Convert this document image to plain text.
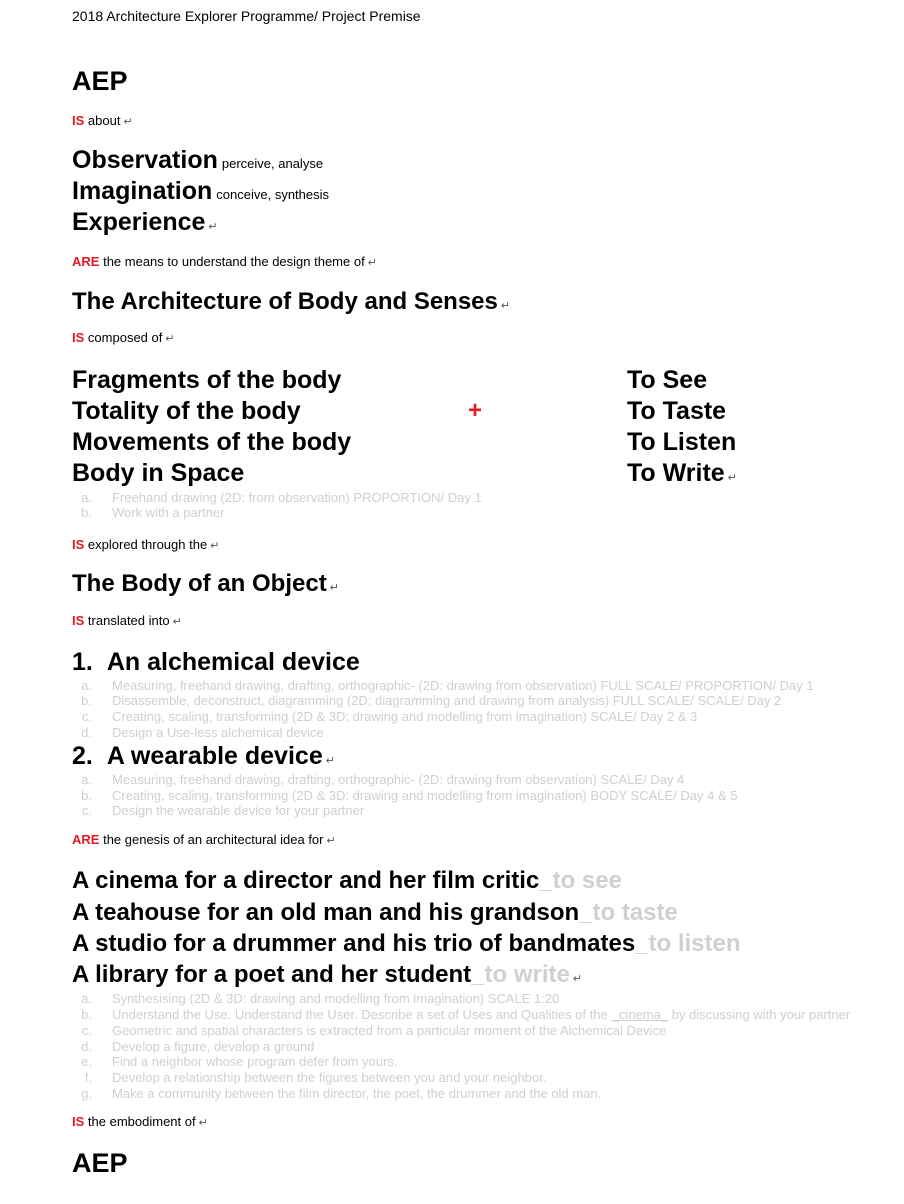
2018 Architecture Explorer Programme/ Project Premise
AEP
IS about ↵
Observation perceive, analyse
Imagination conceive, synthesis
Experience ↵
ARE the means to understand the design theme of ↵
The Architecture of Body and Senses ↵
IS composed of ↵
Fragments of the body
Totality of the body
Movements of the body
Body in Space
+
To See
To Taste
To Listen
To Write ↵
a. Freehand drawing (2D: from observation) PROPORTION/ Day 1
b. Work with a partner
IS explored through the ↵
The Body of an Object ↵
IS translated into ↵
1. An alchemical device
a. Measuring, freehand drawing, drafting, orthographic- (2D: drawing from observation) FULL SCALE/ PROPORTION/ Day 1
b. Disassemble, deconstruct, diagramming (2D: diagramming and drawing from analysis) FULL SCALE/ SCALE/ Day 2
c. Creating, scaling, transforming (2D & 3D: drawing and modelling from imagination) SCALE/ Day 2 & 3
d. Design a Use-less alchemical device
2. A wearable device ↵
a. Measuring, freehand drawing, drafting, orthographic- (2D: drawing from observation) SCALE/ Day 4
b. Creating, scaling, transforming (2D & 3D: drawing and modelling from imagination) BODY SCALE/ Day 4 & 5
c. Design the wearable device for your partner
ARE the genesis of an architectural idea for ↵
A cinema for a director and her film critic_to see
A teahouse for an old man and his grandson_to taste
A studio for a drummer and his trio of bandmates_to listen
A library for a poet and her student_to write ↵
a. Synthesising (2D & 3D: drawing and modelling from imagination) SCALE 1:20
b. Understand the Use. Understand the User. Describe a set of Uses and Qualities of the _cinema_ by discussing with your partner
c. Geometric and spatial characters is extracted from a particular moment of the Alchemical Device
d. Develop a figure, develop a ground
e. Find a neighbor whose program defer from yours.
f. Develop a relationship between the figures between you and your neighbor.
g. Make a community between the film director, the poet, the drummer and the old man.
IS the embodiment of ↵
AEP
